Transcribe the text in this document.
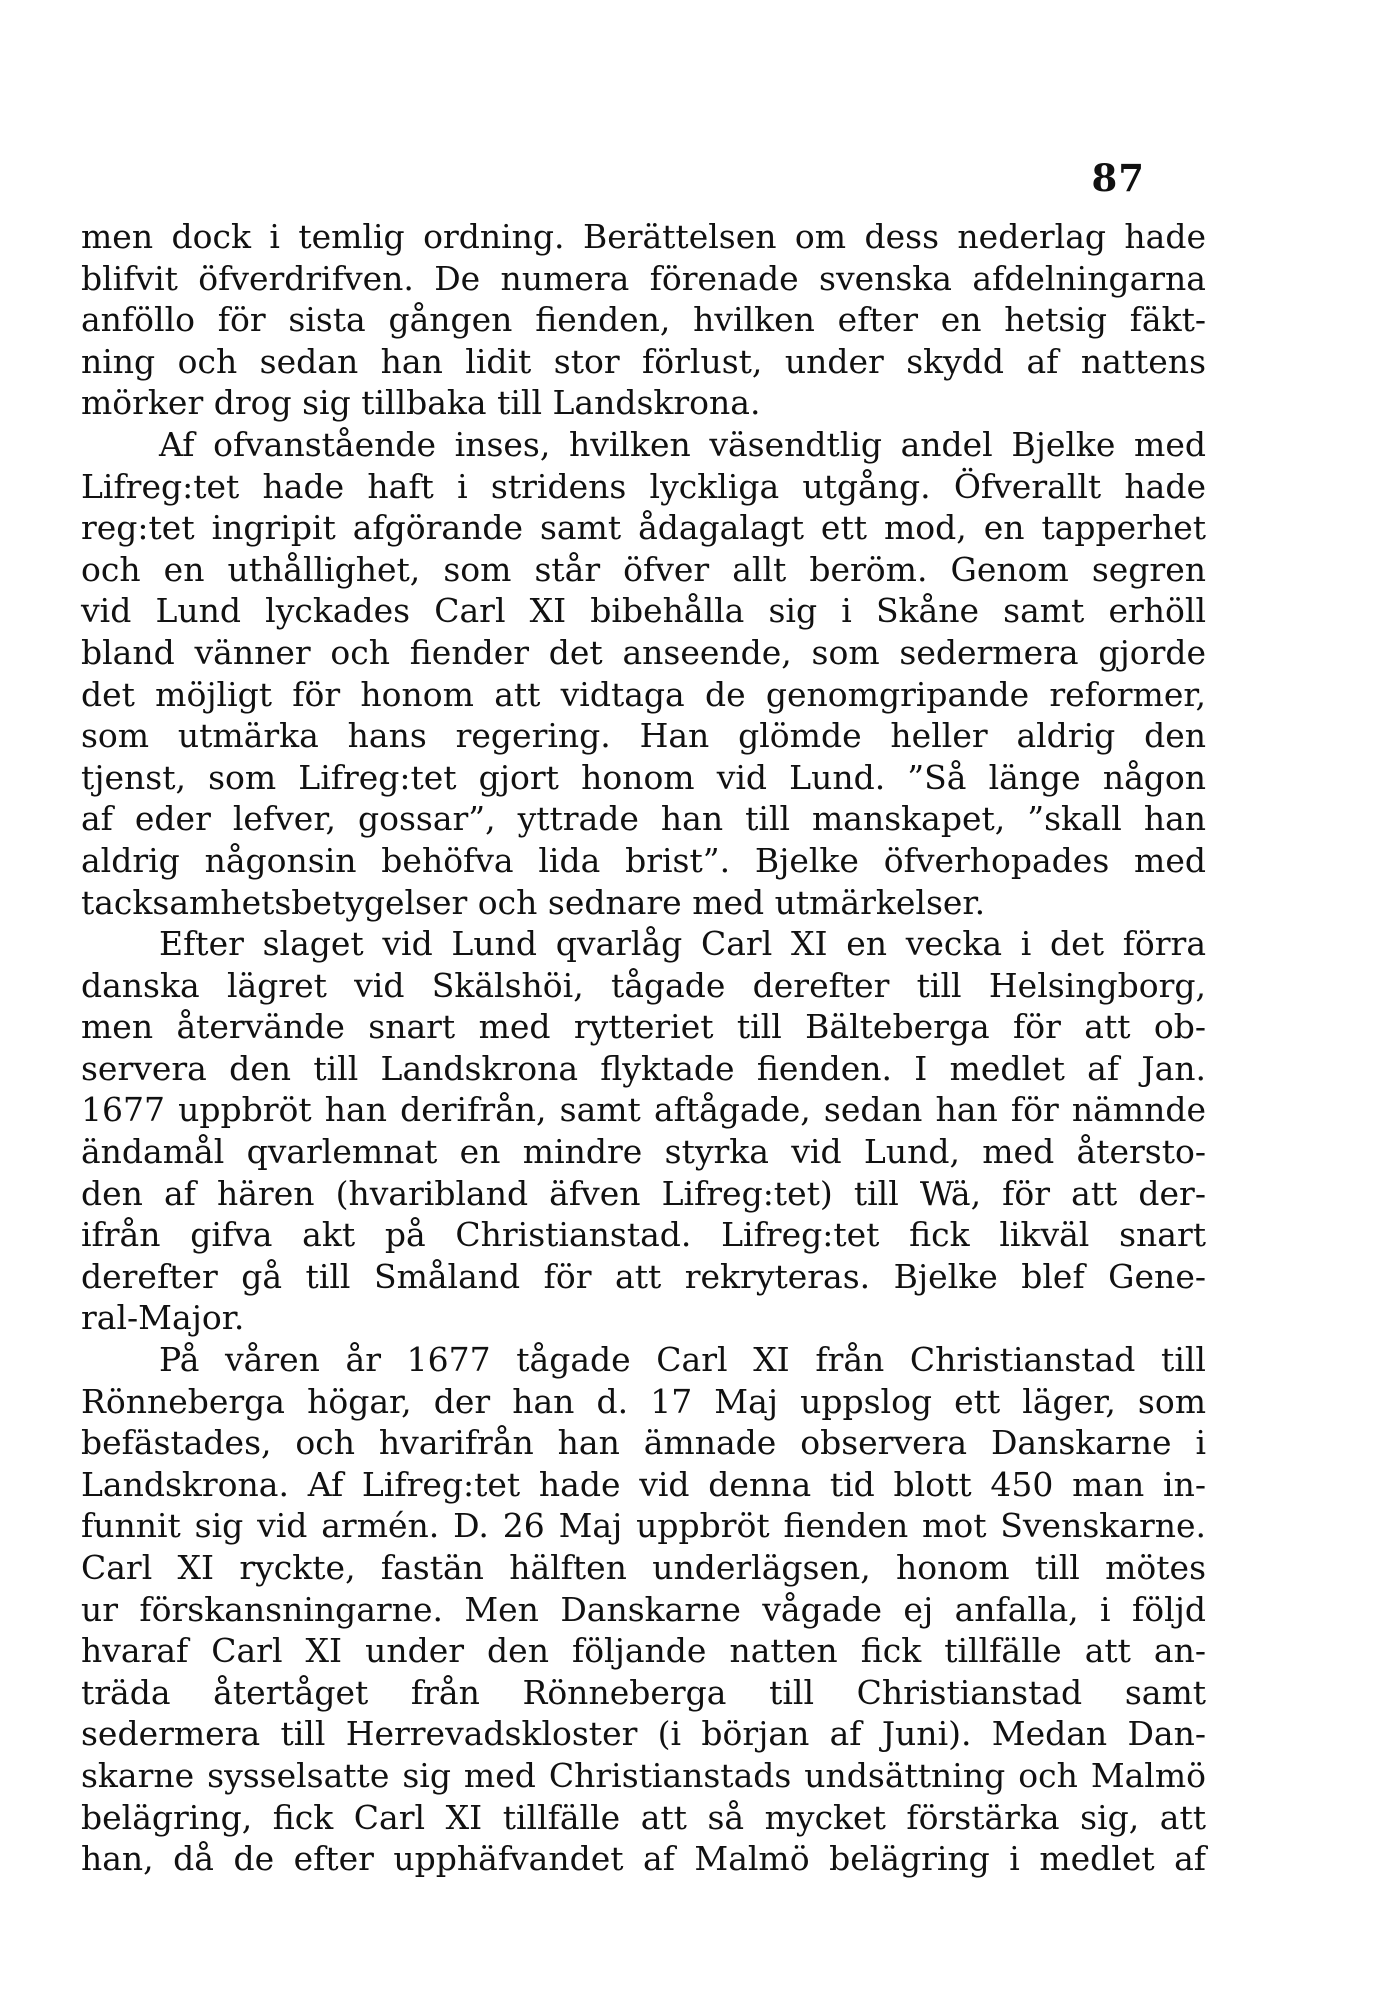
87
men dock i temlig ordning. Berättelsen om dess nederlag hade
blifvit öfverdrifven. De numera förenade svenska afdelningarna
anföllo för sista gången fienden, hvilken efter en hetsig fäkt-
ning och sedan han lidit stor förlust, under skydd af nattens
mörker drog sig tillbaka till Landskrona.
Af ofvanstående inses, hvilken väsendtlig andel Bjelke med
Lifreg:tet hade haft i stridens lyckliga utgång. Öfverallt hade
reg:tet ingripit afgörande samt ådagalagt ett mod, en tapperhet
och en uthållighet, som står öfver allt beröm. Genom segren
vid Lund lyckades Carl XI bibehålla sig i Skåne samt erhöll
bland vänner och fiender det anseende, som sedermera gjorde
det möjligt för honom att vidtaga de genomgripande reformer,
som utmärka hans regering. Han glömde heller aldrig den
tjenst, som Lifreg:tet gjort honom vid Lund. ”Så länge någon
af eder lefver, gossar”, yttrade han till manskapet, ”skall han
aldrig någonsin behöfva lida brist”. Bjelke öfverhopades med
tacksamhetsbetygelser och sednare med utmärkelser.
Efter slaget vid Lund qvarlåg Carl XI en vecka i det förra
danska lägret vid Skälshöi, tågade derefter till Helsingborg,
men återvände snart med rytteriet till Bälteberga för att ob-
servera den till Landskrona flyktade fienden. I medlet af Jan.
1677 uppbröt han derifrån, samt aftågade, sedan han för nämnde
ändamål qvarlemnat en mindre styrka vid Lund, med återsto-
den af hären (hvaribland äfven Lifreg:tet) till Wä, för att der-
ifrån gifva akt på Christianstad. Lifreg:tet fick likväl snart
derefter gå till Småland för att rekryteras. Bjelke blef Gene-
ral-Major.
På våren år 1677 tågade Carl XI från Christianstad till
Rönneberga högar, der han d. 17 Maj uppslog ett läger, som
befästades, och hvarifrån han ämnade observera Danskarne i
Landskrona. Af Lifreg:tet hade vid denna tid blott 450 man in-
funnit sig vid armén. D. 26 Maj uppbröt fienden mot Svenskarne.
Carl XI ryckte, fastän hälften underlägsen, honom till mötes
ur förskansningarne. Men Danskarne vågade ej anfalla, i följd
hvaraf Carl XI under den följande natten fick tillfälle att an-
träda återtåget från Rönneberga till Christianstad samt
sedermera till Herrevadskloster (i början af Juni). Medan Dan-
skarne sysselsatte sig med Christianstads undsättning och Malmö
belägring, fick Carl XI tillfälle att så mycket förstärka sig, att
han, då de efter upphäfvandet af Malmö belägring i medlet af
